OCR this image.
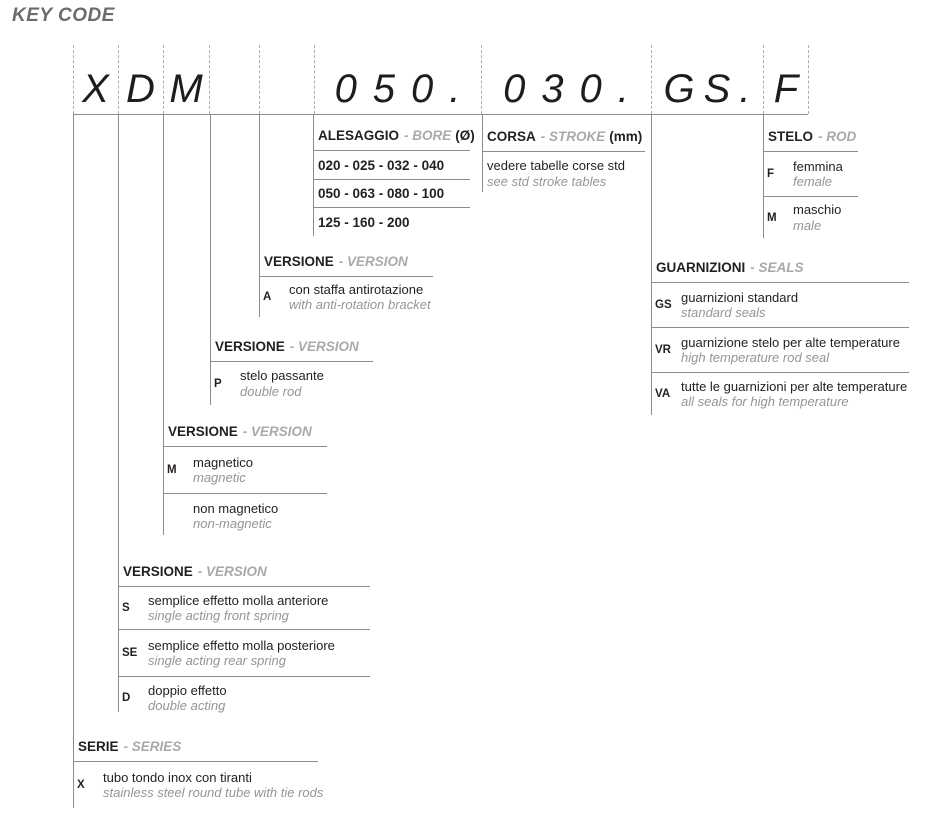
KEY CODE
X D M	050. 030. GS. F
ALESAGGIO - BORE (Ø)
020 - 025 - 032 - 040
050 - 063 - 080 - 100
125 - 160 - 200
CORSA - STROKE (mm)
vedere tabelle corse std
see std stroke tables
STELO - ROD
F
femmina
female
M
maschio
male
GUARNIZIONI - SEALS
GS
guarnizioni standard
standard seals
VR
guarnizione stelo per alte temperature
high temperature rod seal
VA
tutte le guarnizioni per alte temperature
all seals for high temperature
VERSIONE - VERSION
A
con staffa antirotazione
with anti-rotation bracket
VERSIONE - VERSION
P
stelo passante
double rod
VERSIONE - VERSION
M
magnetico
magnetic
non magnetico
non-magnetic
VERSIONE - VERSION
S
semplice effetto molla anteriore
single acting front spring
SE
semplice effetto molla posteriore
single acting rear spring
D
doppio effetto
double acting
SERIE - SERIES
X
tubo tondo inox con tiranti
stainless steel round tube with tie rods
